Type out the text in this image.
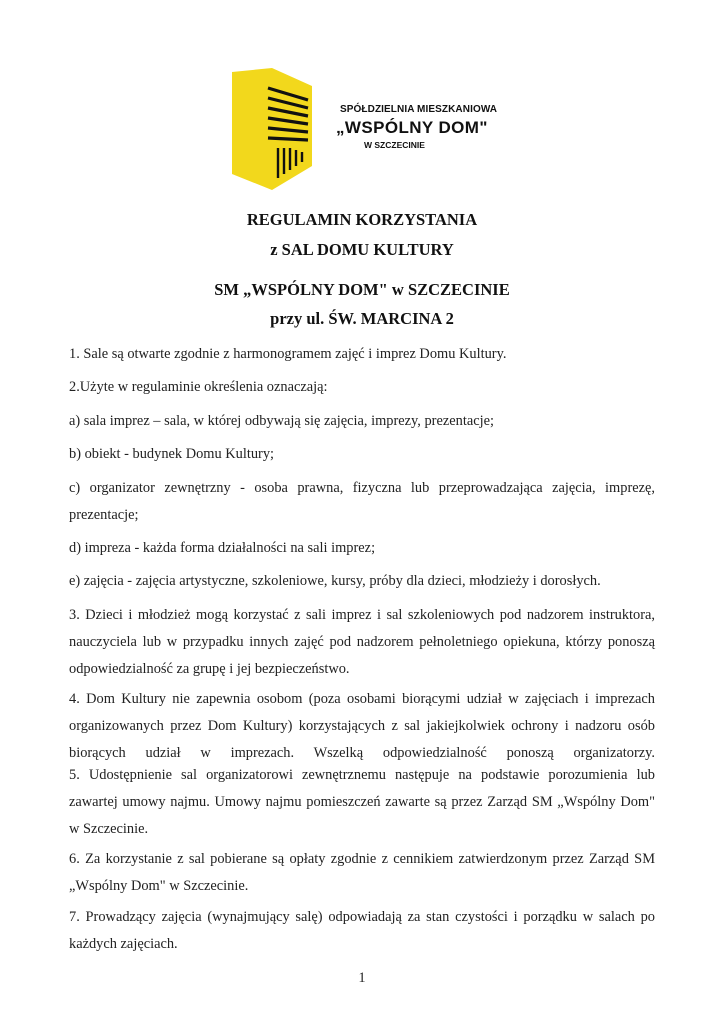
SPÓŁDZIELNIA MIESZKANIOWA
„WSPÓLNY DOM"
W SZCZECINIE
REGULAMIN KORZYSTANIA
z SAL DOMU KULTURY
SM „WSPÓLNY DOM" w SZCZECINIE
przy ul. ŚW. MARCINA 2
1. Sale są otwarte zgodnie z harmonogramem zajęć i imprez Domu Kultury.
2.Użyte w regulaminie określenia oznaczają:
a) sala imprez – sala, w której odbywają się zajęcia, imprezy, prezentacje;
b) obiekt - budynek Domu Kultury;
c) organizator zewnętrzny - osoba prawna, fizyczna lub przeprowadzająca zajęcia, imprezę, prezentacje;
d) impreza - każda forma działalności na sali imprez;
e) zajęcia - zajęcia artystyczne, szkoleniowe, kursy, próby dla dzieci, młodzieży i dorosłych.
3. Dzieci i młodzież mogą korzystać z sali imprez i sal szkoleniowych pod nadzorem instruktora, nauczyciela lub w przypadku innych zajęć pod nadzorem pełnoletniego opiekuna, którzy ponoszą odpowiedzialność za grupę i jej bezpieczeństwo.
4. Dom Kultury nie zapewnia osobom (poza osobami biorącymi udział w zajęciach i imprezach organizowanych przez Dom Kultury) korzystających z sal jakiejkolwiek ochrony i nadzoru osób biorących udział w imprezach. Wszelką odpowiedzialność ponoszą organizatorzy.
5. Udostępnienie sal organizatorowi zewnętrznemu następuje na podstawie porozumienia lub zawartej umowy najmu. Umowy najmu pomieszczeń zawarte są przez Zarząd SM „Wspólny Dom" w Szczecinie.
6. Za korzystanie z sal pobierane są opłaty zgodnie z cennikiem zatwierdzonym przez Zarząd SM „Wspólny Dom" w Szczecinie.
7. Prowadzący zajęcia (wynajmujący salę) odpowiadają za stan czystości i porządku w salach po każdych zajęciach.
1
